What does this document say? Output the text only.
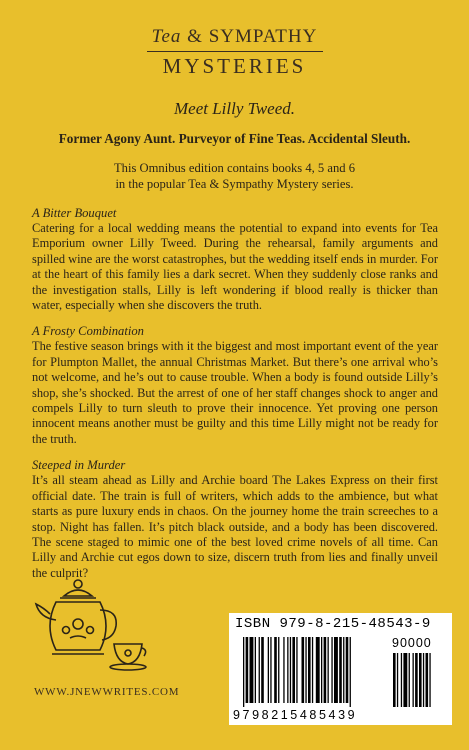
Tea & SYMPATHY
MYSTERIES
Meet Lilly Tweed.
Former Agony Aunt. Purveyor of Fine Teas. Accidental Sleuth.
This Omnibus edition contains books 4, 5 and 6
in the popular Tea & Sympathy Mystery series.

A Bitter Bouquet

Catering for a local wedding means the potential to expand into events for Tea Emporium owner Lilly Tweed. During the rehearsal, family arguments and spilled wine are the worst catastrophes, but the wedding itself ends in murder. For at the heart of this family lies a dark secret. When they suddenly close ranks and the investigation stalls, Lilly is left wondering if blood really is thicker than water, especially when she discovers the truth.

A Frosty Combination

The festive season brings with it the biggest and most important event of the year for Plumpton Mallet, the annual Christmas Market. But there’s one arrival who’s not welcome, and he’s out to cause trouble. When a body is found outside Lilly’s shop, she’s shocked. But the arrest of one of her staff changes shock to anger and compels Lilly to turn sleuth to prove their innocence. Yet proving one person innocent means another must be guilty and this time Lilly might not be ready for the truth.

Steeped in Murder

It’s all steam ahead as Lilly and Archie board The Lakes Express on their first official date. The train is full of writers, which adds to the ambience, but what starts as pure luxury ends in chaos. On the journey home the train screeches to a stop. Night has fallen. It’s pitch black outside, and a body has been discovered. The scene staged to mimic one of the best loved crime novels of all time. Can Lilly and Archie cut egos down to size, discern truth from lies and finally unveil the culprit?

WWW.JNEWWRITES.COM
ISBN 979-8-215-48543-9
9798215485439
90000
